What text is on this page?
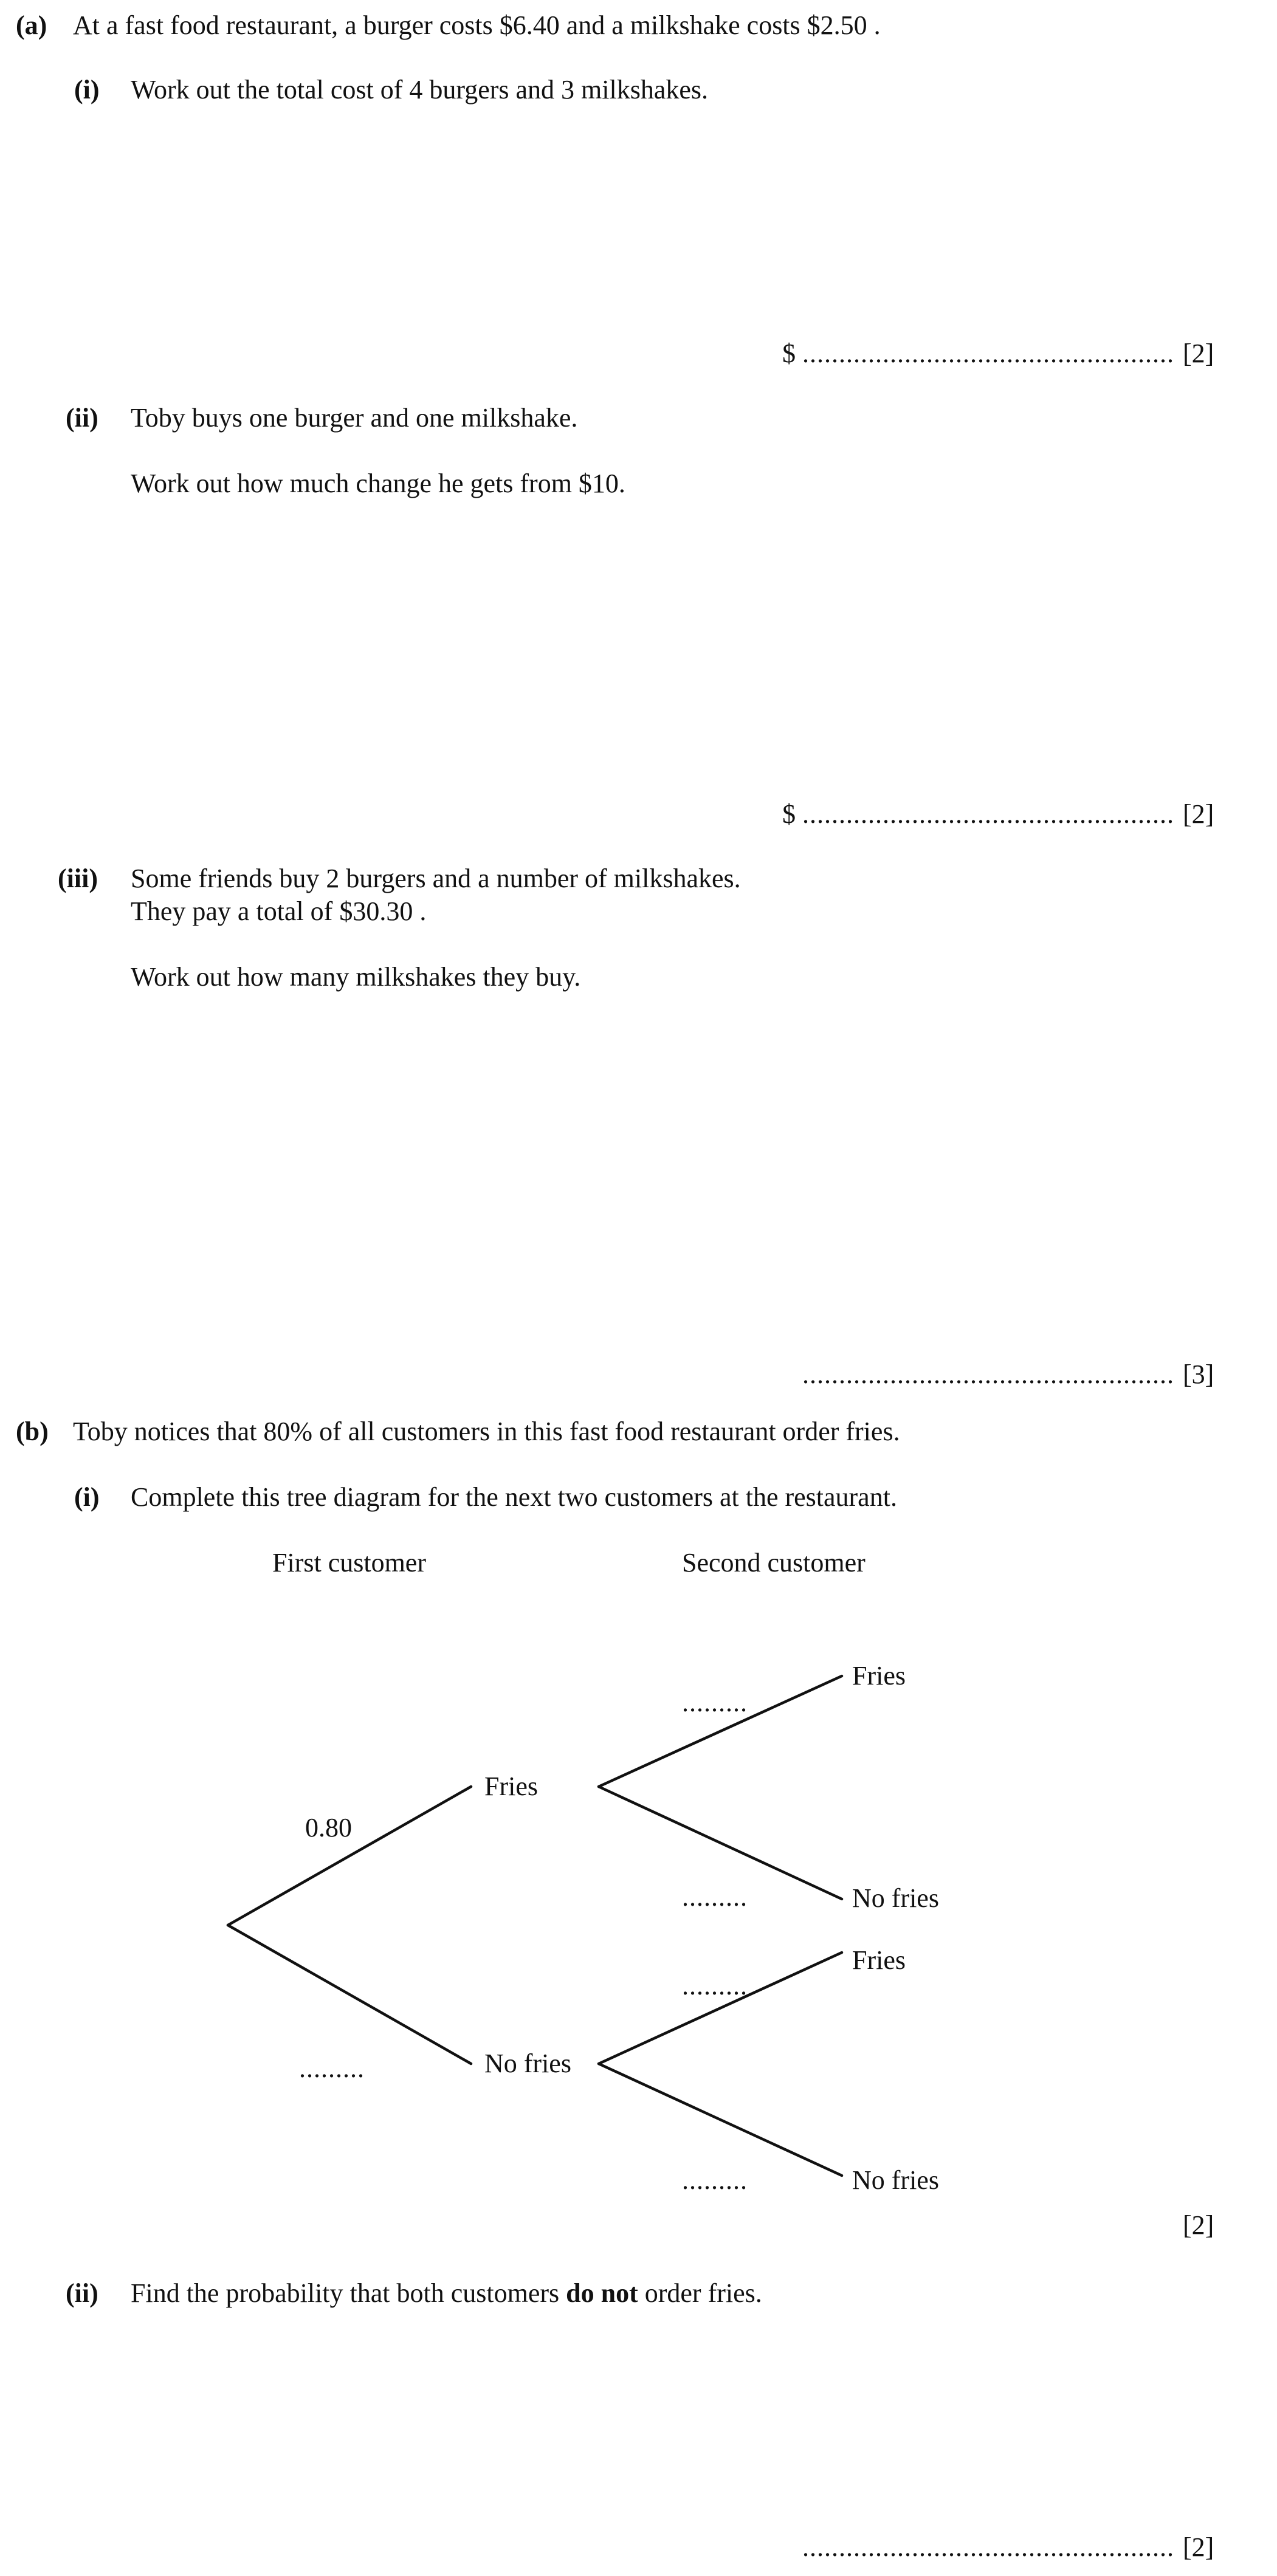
(a) At a fast food restaurant, a burger costs $6.40 and a milkshake costs $2.50 .
(i) Work out the total cost of 4 burgers and 3 milkshakes.
$ ................................................... [2]
(ii) Toby buys one burger and one milkshake.
Work out how much change he gets from $10.
$ ................................................... [2]
(iii) Some friends buy 2 burgers and a number of milkshakes.
They pay a total of $30.30 .
Work out how many milkshakes they buy.
................................................... [3]
(b) Toby notices that 80% of all customers in this fast food restaurant order fries.
(i) Complete this tree diagram for the next two customers at the restaurant.
First customer	Second customer
0.80
.........
Fries
No fries
.........
.........
.........
.........
Fries
No fries
Fries
No fries
[2]
(ii) Find the probability that both customers do not order fries.
................................................... [2]
